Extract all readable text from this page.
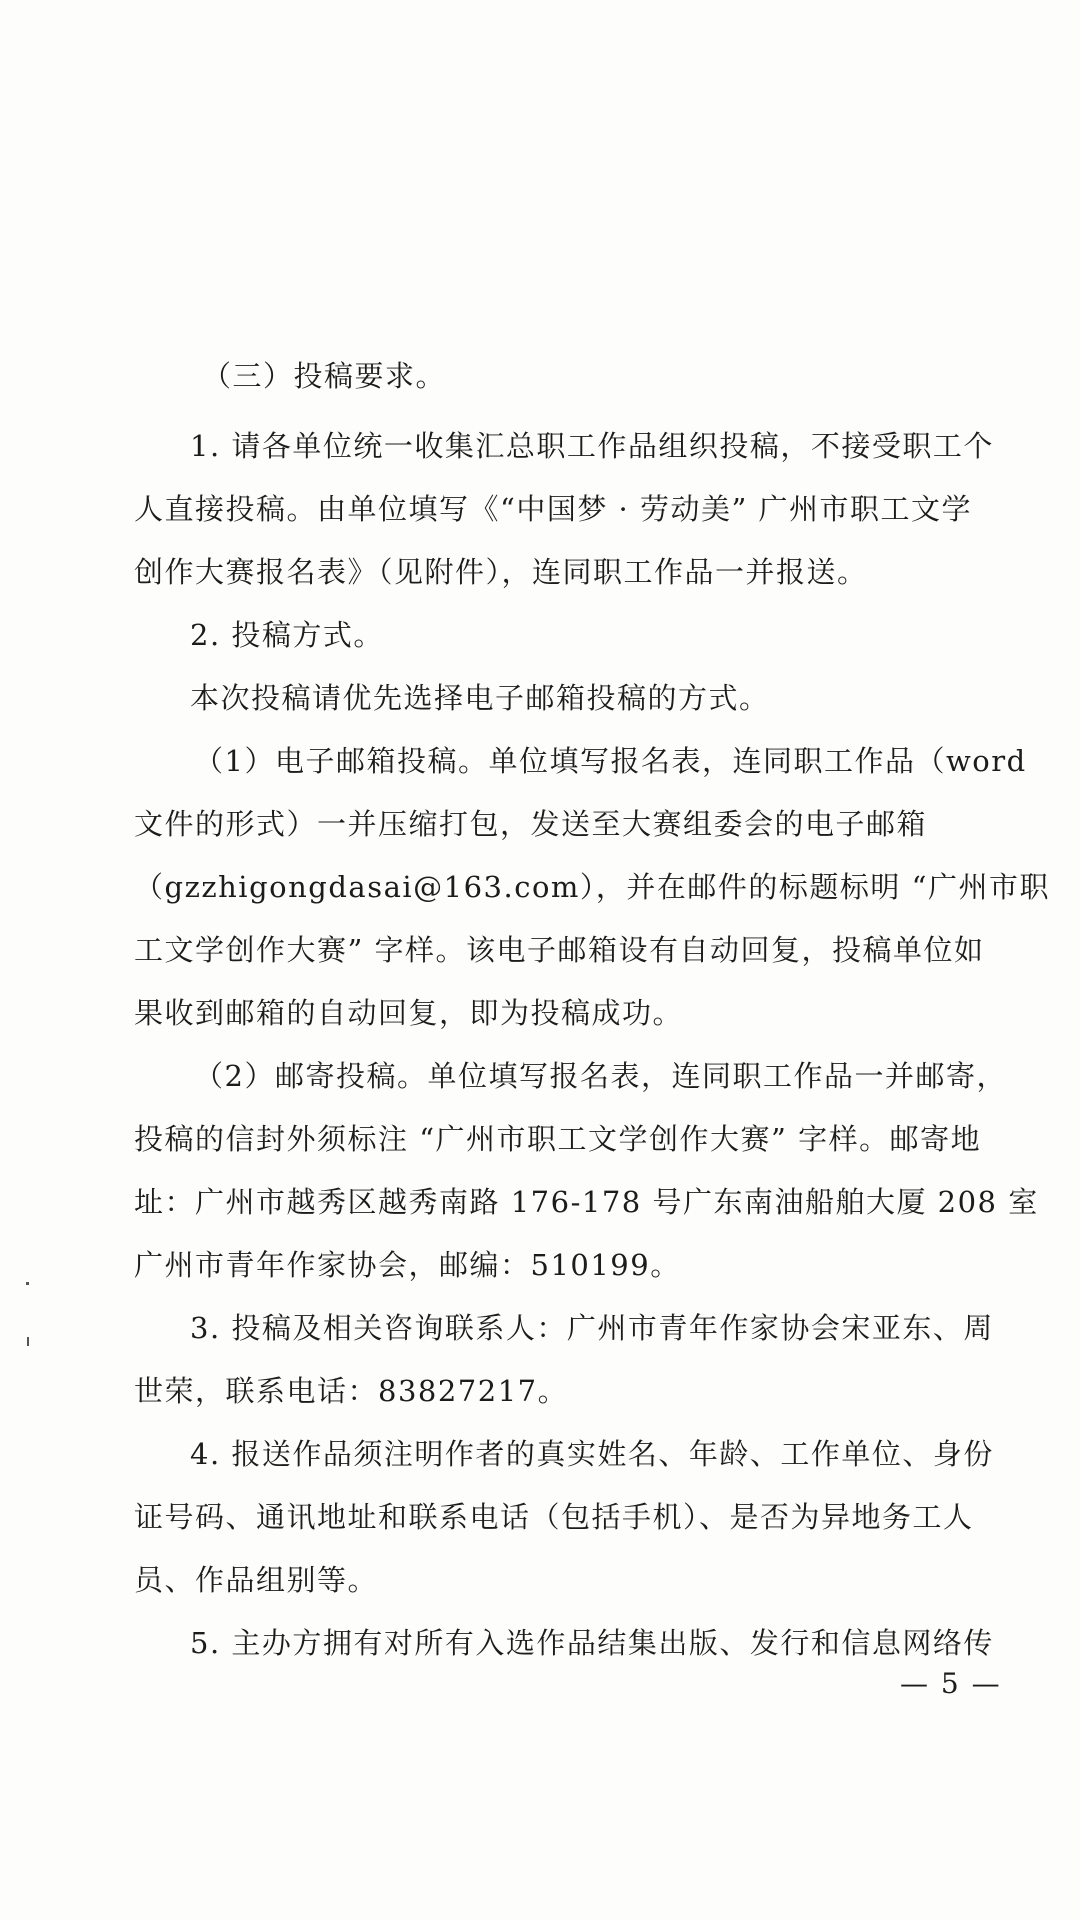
（三）投稿要求。
1. 请各单位统一收集汇总职工作品组织投稿，不接受职工个
人直接投稿。由单位填写《“中国梦 · 劳动美” 广州市职工文学
创作大赛报名表》（见附件），连同职工作品一并报送。
2. 投稿方式。
本次投稿请优先选择电子邮箱投稿的方式。
（1）电子邮箱投稿。单位填写报名表，连同职工作品（word
文件的形式）一并压缩打包，发送至大赛组委会的电子邮箱
（gzzhigongdasai@163.com），并在邮件的标题标明 “广州市职
工文学创作大赛” 字样。该电子邮箱设有自动回复，投稿单位如
果收到邮箱的自动回复，即为投稿成功。
（2）邮寄投稿。单位填写报名表，连同职工作品一并邮寄，
投稿的信封外须标注 “广州市职工文学创作大赛” 字样。邮寄地
址：广州市越秀区越秀南路 176-178 号广东南油船舶大厦 208 室
广州市青年作家协会，邮编：510199。
3. 投稿及相关咨询联系人：广州市青年作家协会宋亚东、周
世荣，联系电话：83827217。
4. 报送作品须注明作者的真实姓名、年龄、工作单位、身份
证号码、通讯地址和联系电话（包括手机）、是否为异地务工人
员、作品组别等。
5. 主办方拥有对所有入选作品结集出版、发行和信息网络传
— 5 —
